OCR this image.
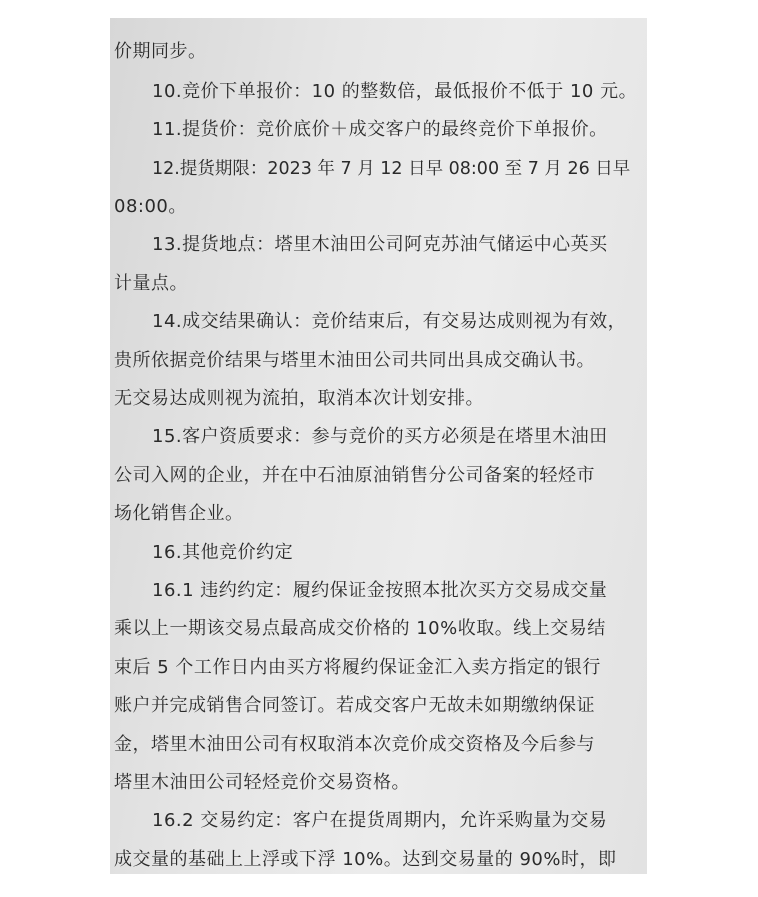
价期同步。
10.竞价下单报价：10 的整数倍，最低报价不低于 10 元。
11.提货价：竞价底价＋成交客户的最终竞价下单报价。
12.提货期限：2023 年 7 月 12 日早 08:00 至 7 月 26 日早
08:00。
13.提货地点：塔里木油田公司阿克苏油气储运中心英买
计量点。
14.成交结果确认：竞价结束后，有交易达成则视为有效，
贵所依据竞价结果与塔里木油田公司共同出具成交确认书。
无交易达成则视为流拍，取消本次计划安排。
15.客户资质要求：参与竞价的买方必须是在塔里木油田
公司入网的企业，并在中石油原油销售分公司备案的轻烃市
场化销售企业。
16.其他竞价约定
16.1 违约约定：履约保证金按照本批次买方交易成交量
乘以上一期该交易点最高成交价格的 10%收取。线上交易结
束后 5 个工作日内由买方将履约保证金汇入卖方指定的银行
账户并完成销售合同签订。若成交客户无故未如期缴纳保证
金，塔里木油田公司有权取消本次竞价成交资格及今后参与
塔里木油田公司轻烃竞价交易资格。
16.2 交易约定：客户在提货周期内，允许采购量为交易
成交量的基础上上浮或下浮 10%。达到交易量的 90%时，即
